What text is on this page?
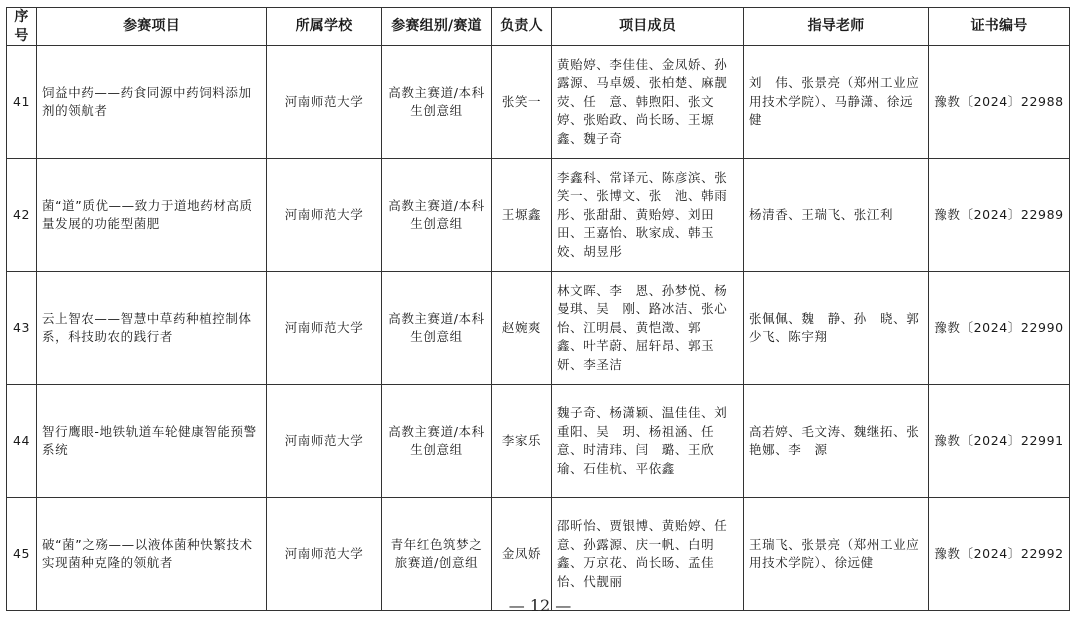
序号	参赛项目	所属学校	参赛组别/赛道	负责人	项目成员	指导老师	证书编号
41	饲益中药——药食同源中药饲料添加剂的领航者	河南师范大学	高教主赛道/本科生创意组	张笑一	黄贻婷、李佳佳、金凤娇、孙露源、马卓媛、张柏楚、麻靓荧、任　意、韩煦阳、张文婷、张贻政、尚长旸、王塬鑫、魏子奇	刘　伟、张景亮（郑州工业应用技术学院）、马静潇、徐远健	豫教〔2024〕22988
42	菌“道”质优——致力于道地药材高质量发展的功能型菌肥	河南师范大学	高教主赛道/本科生创意组	王塬鑫	李鑫科、常译元、陈彦滨、张笑一、张博文、张　池、韩雨彤、张甜甜、黄贻婷、刘田田、王嘉怡、耿家成、韩玉姣、胡昱彤	杨清香、王瑞飞、张江利	豫教〔2024〕22989
43	云上智农——智慧中草药种植控制体系，科技助农的践行者	河南师范大学	高教主赛道/本科生创意组	赵婉爽	林文晖、李　恩、孙梦悦、杨曼琪、吴　刚、路冰洁、张心怡、江明晨、黄恺澂、郭　鑫、叶芊蔚、屈轩昂、郭玉妍、李圣洁	张佩佩、魏　静、孙　晓、郭少飞、陈宇翔	豫教〔2024〕22990
44	智行鹰眼-地铁轨道车轮健康智能预警系统	河南师范大学	高教主赛道/本科生创意组	李家乐	魏子奇、杨潇颖、温佳佳、刘重阳、吴　玥、杨祖涵、任　意、时清玮、闫　璐、王欣瑜、石佳杭、平依鑫	高若婷、毛文涛、魏继拓、张艳娜、李　源	豫教〔2024〕22991
45	破“菌”之殇——以液体菌种快繁技术实现菌种克隆的领航者	河南师范大学	青年红色筑梦之旅赛道/创意组	金凤娇	邵昕怡、贾银博、黄贻婷、任　意、孙露源、庆一帆、白明鑫、万京花、尚长旸、孟佳怡、代靓丽	王瑞飞、张景亮（郑州工业应用技术学院）、徐远健	豫教〔2024〕22992
— 12 —
